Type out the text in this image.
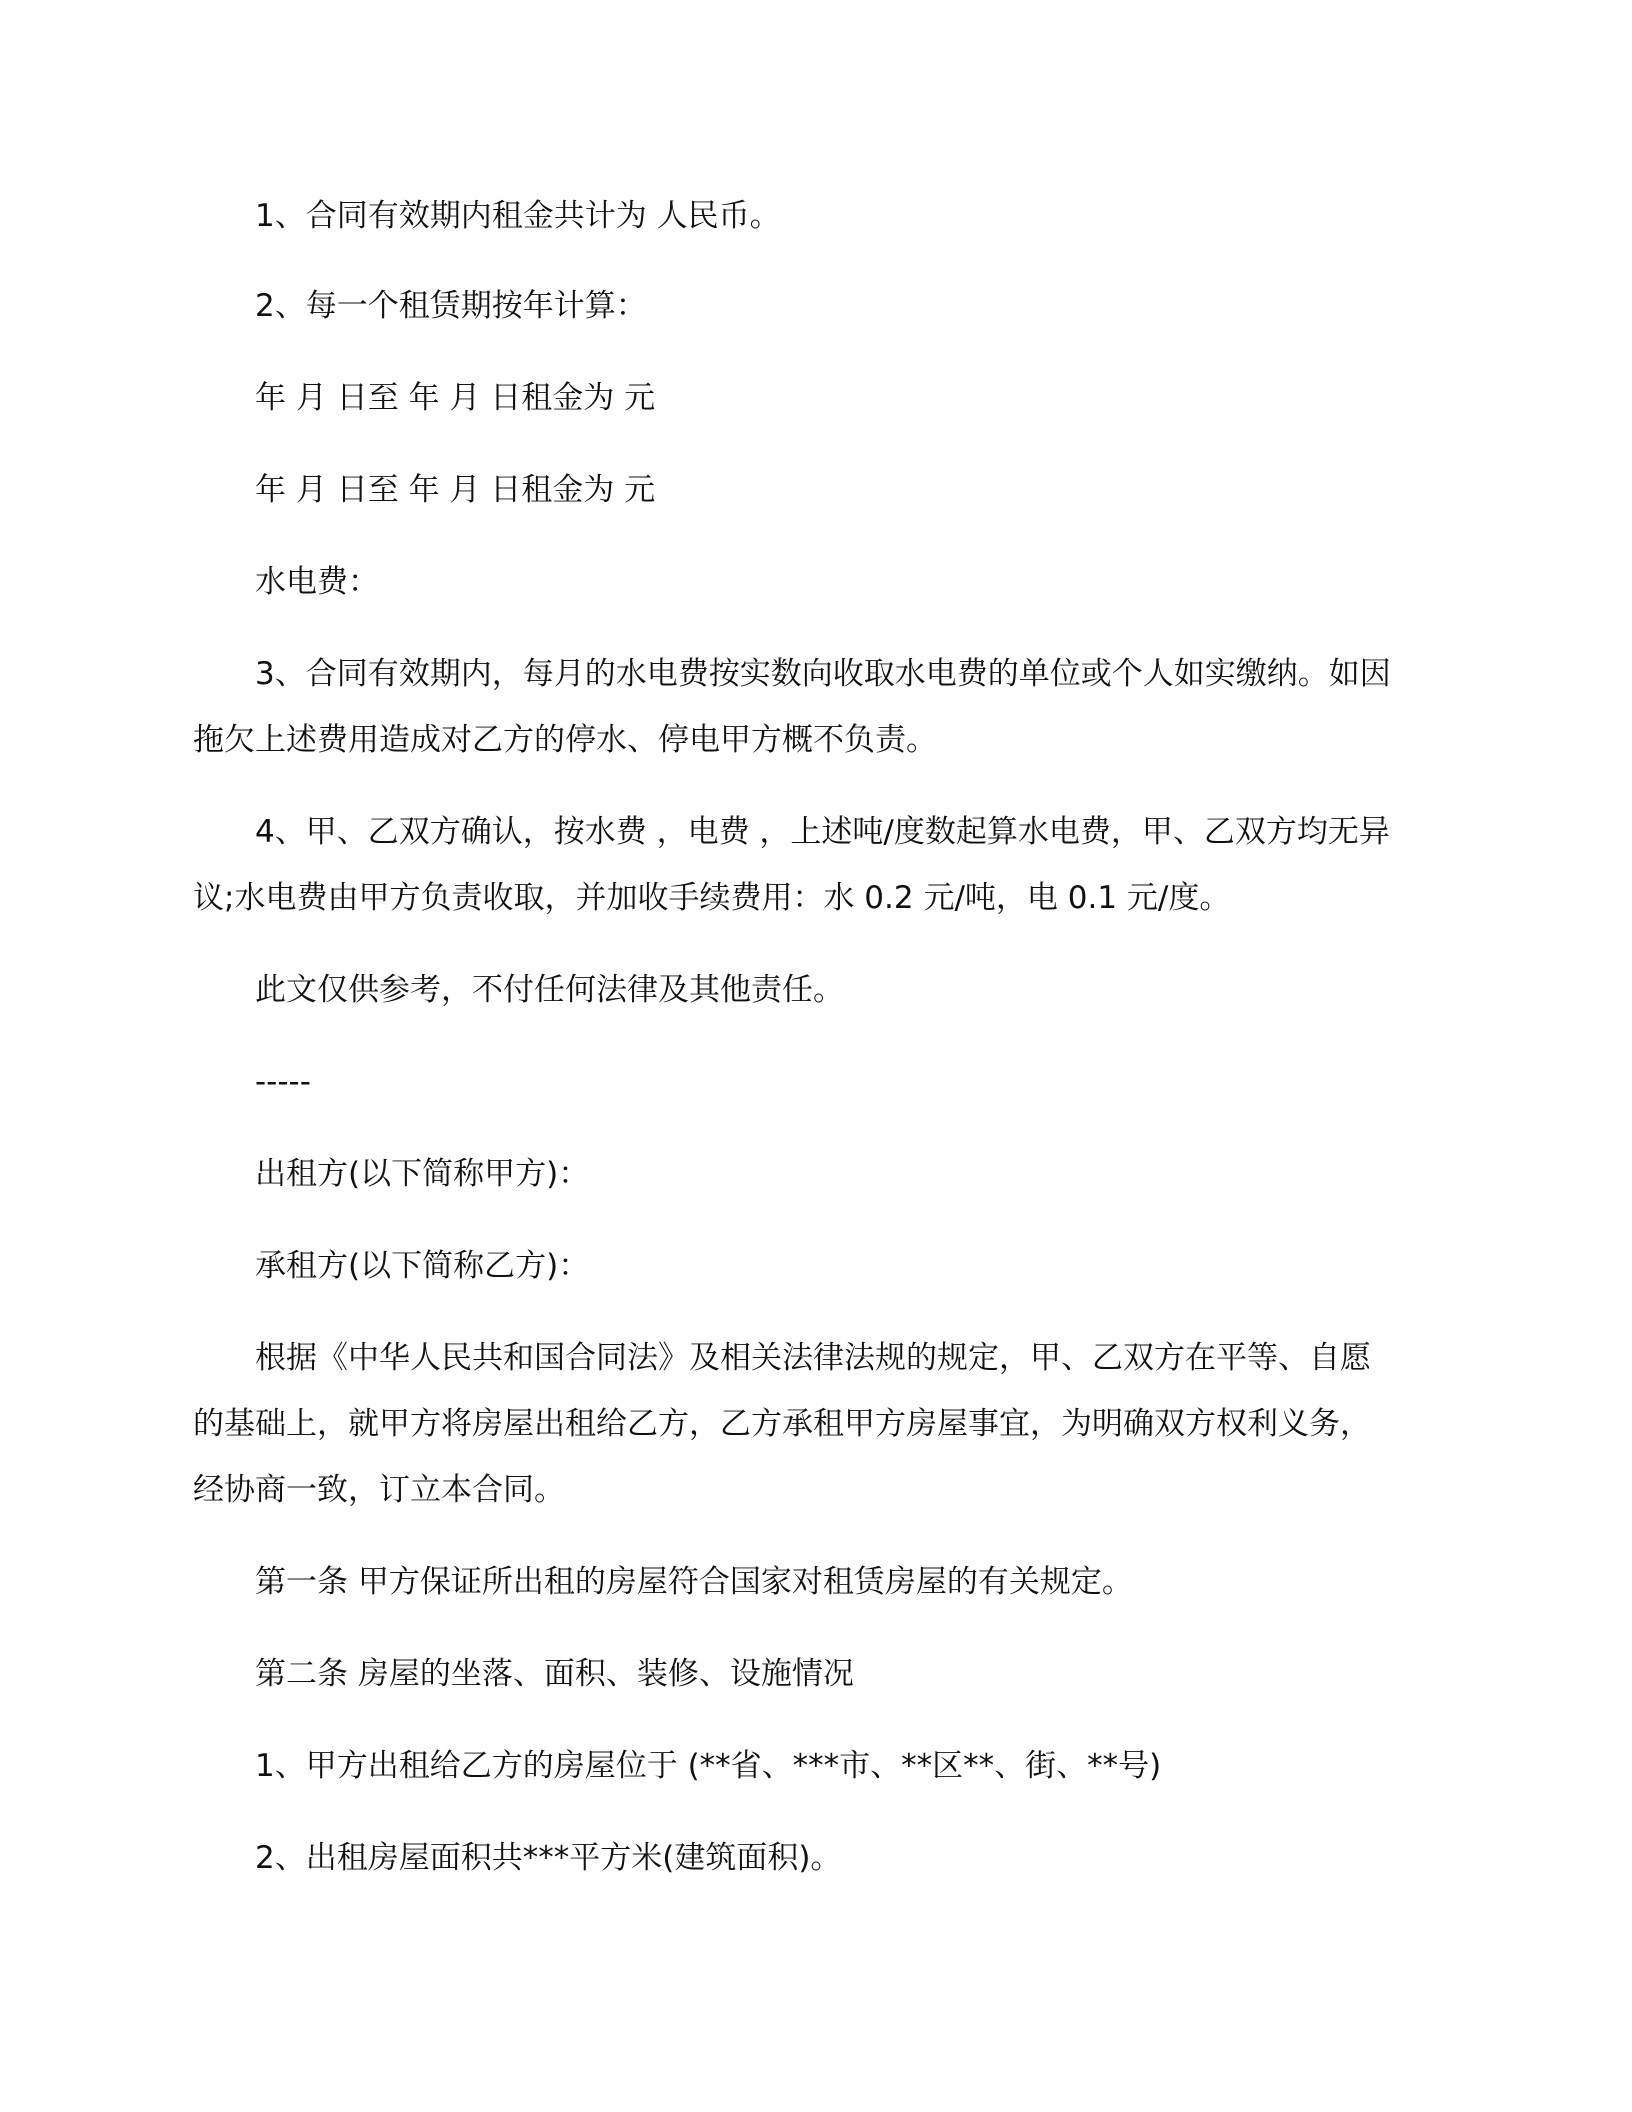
1、合同有效期内租金共计为 人民币。
2、每一个租赁期按年计算：
年 月 日至 年 月 日租金为 元
年 月 日至 年 月 日租金为 元
水电费：
3、合同有效期内，每月的水电费按实数向收取水电费的单位或个人如实缴纳。如因
拖欠上述费用造成对乙方的停水、停电甲方概不负责。
4、甲、乙双方确认，按水费 ，电费 ，上述吨/度数起算水电费，甲、乙双方均无异
议;水电费由甲方负责收取，并加收手续费用：水 0.2 元/吨，电 0.1 元/度。
此文仅供参考，不付任何法律及其他责任。
-----
出租方(以下简称甲方)：
承租方(以下简称乙方)：
根据《中华人民共和国合同法》及相关法律法规的规定，甲、乙双方在平等、自愿
的基础上，就甲方将房屋出租给乙方，乙方承租甲方房屋事宜，为明确双方权利义务，
经协商一致，订立本合同。
第一条 甲方保证所出租的房屋符合国家对租赁房屋的有关规定。
第二条 房屋的坐落、面积、装修、设施情况
1、甲方出租给乙方的房屋位于 (**省、***市、**区**、街、**号)
2、出租房屋面积共***平方米(建筑面积)。
